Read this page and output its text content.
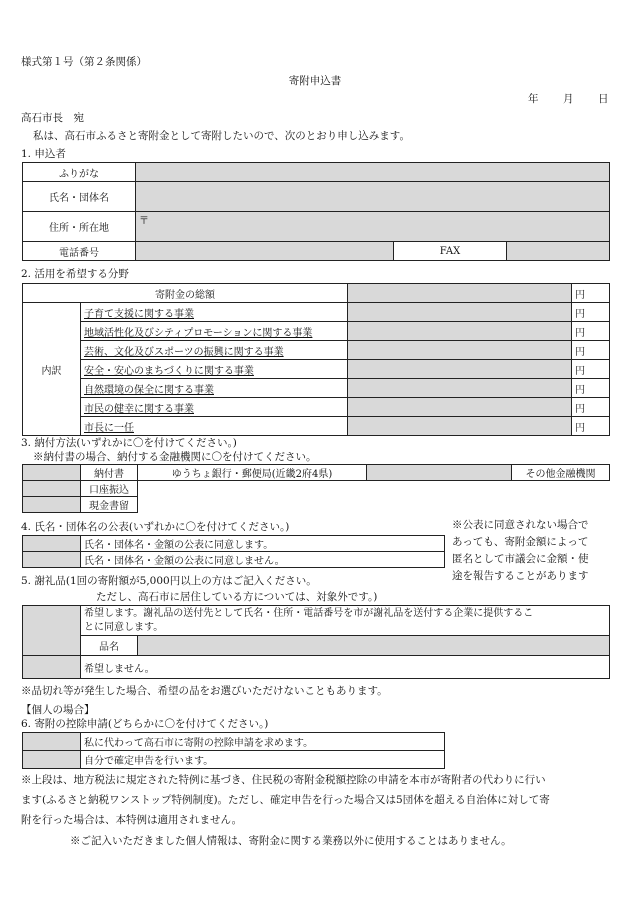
様式第１号（第２条関係）
寄附申込書
年 月 日
高石市長　宛
私は、高石市ふるさと寄附金として寄附したいので、次のとおり申し込みます。
1. 申込者
ふりがな			
氏名・団体名			
住所・所在地	〒		
電話番号		FAX	
2. 活用を希望する分野
寄附金の総額			円
内訳	子育て支援に関する事業		円
	地域活性化及びシティプロモーションに関する事業		円
	芸術、文化及びスポーツの振興に関する事業		円
	安全・安心のまちづくりに関する事業		円
	自然環境の保全に関する事業		円
	市民の健幸に関する事業		円
	市長に一任		円
3. 納付方法(いずれかに〇を付けてください。)
※納付書の場合、納付する金融機関に〇を付けてください。
	納付書	ゆうちょ銀行・郵便局(近畿2府4県)		その他金融機関
	口座振込
	現金書留
4. 氏名・団体名の公表(いずれかに〇を付けてください。)
	氏名・団体名・金額の公表に同意します。
	氏名・団体名・金額の公表に同意しません。
※公表に同意されない場合で
あっても、寄附金額によって
匿名として市議会に金額・使
途を報告することがあります
5. 謝礼品(1回の寄附額が5,000円以上の方はご記入ください。
ただし、高石市に居住している方については、対象外です。)
	希望します。謝礼品の送付先として氏名・住所・電話番号を市が謝礼品を送付する企業に提供するこ
とに同意します。	
	品名	
	希望しません。	
※品切れ等が発生した場合、希望の品をお選びいただけないこともあります。
【個人の場合】
6. 寄附の控除申請(どちらかに〇を付けてください。)
	私に代わって高石市に寄附の控除申請を求めます。
	自分で確定申告を行います。
※上段は、地方税法に規定された特例に基づき、住民税の寄附金税額控除の申請を本市が寄附者の代わりに行い
ます(ふるさと納税ワンストップ特例制度)。ただし、確定申告を行った場合又は5団体を超える自治体に対して寄
附を行った場合は、本特例は適用されません。
※ご記入いただきました個人情報は、寄附金に関する業務以外に使用することはありません。
